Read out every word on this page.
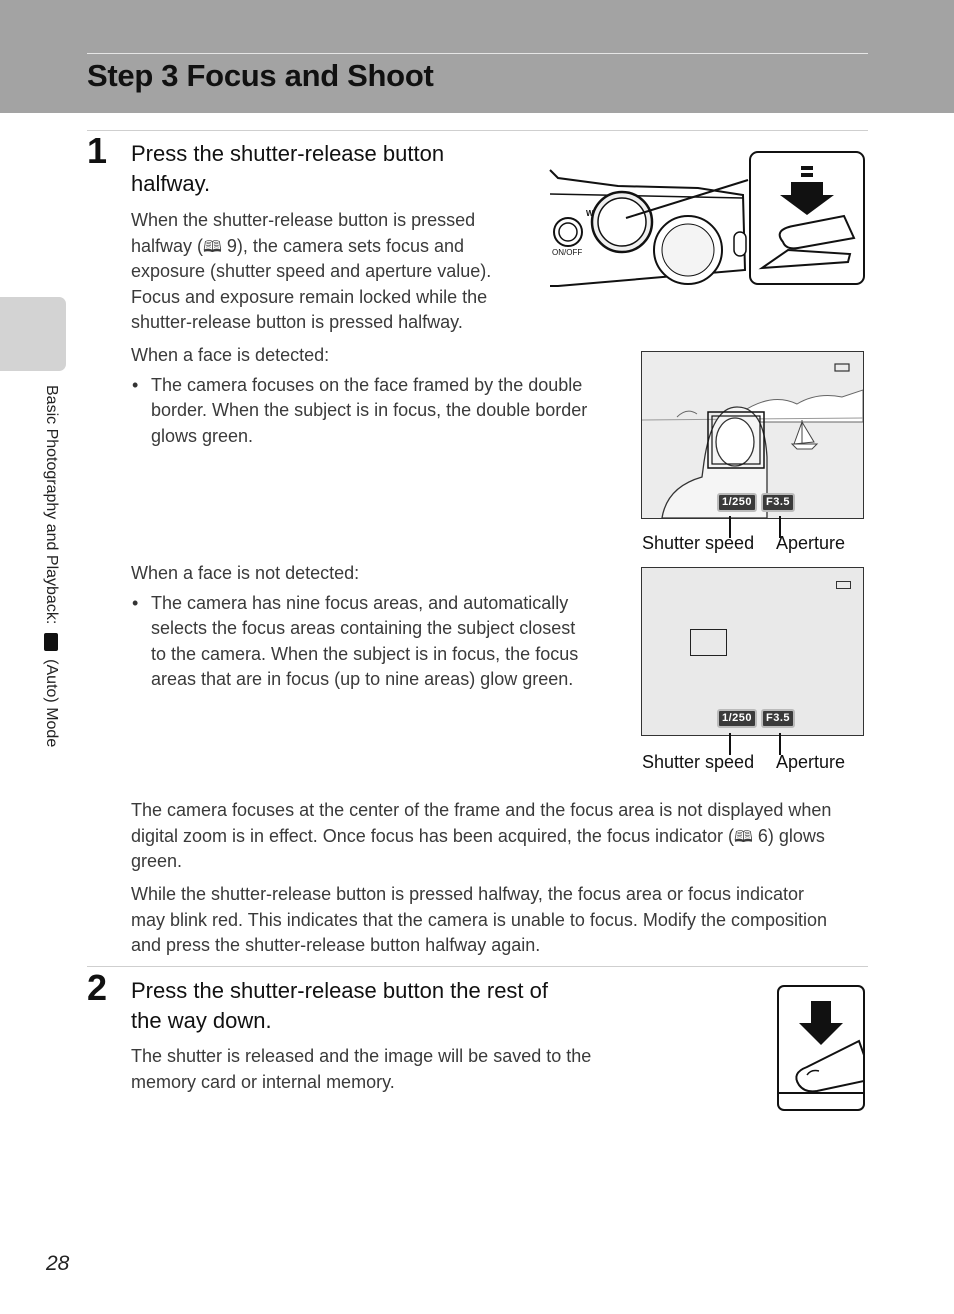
Step 3 Focus and Shoot
Basic Photography and Playback:  (Auto) Mode
1 Press the shutter-release button
halfway.

When the shutter-release button is pressed

halfway (🕮 9), the camera sets focus and

exposure (shutter speed and aperture value).

Focus and exposure remain locked while the

shutter-release button is pressed halfway.

ON/OFF
W

When a face is detected:

• The camera focuses on the face framed by the double
border. When the subject is in focus, the double border
glows green.
1/250	F3.5
Shutter speed Aperture

When a face is not detected:

• The camera has nine focus areas, and automatically
selects the focus areas containing the subject closest
to the camera. When the subject is in focus, the focus
areas that are in focus (up to nine areas) glow green.
1/250	F3.5
Shutter speed Aperture

The camera focuses at the center of the frame and the focus area is not displayed when

digital zoom is in effect. Once focus has been acquired, the focus indicator (🕮 6) glows

green.

While the shutter-release button is pressed halfway, the focus area or focus indicator

may blink red. This indicates that the camera is unable to focus. Modify the composition

and press the shutter-release button halfway again.

2 Press the shutter-release button the rest of
the way down.

The shutter is released and the image will be saved to the

memory card or internal memory.

28
